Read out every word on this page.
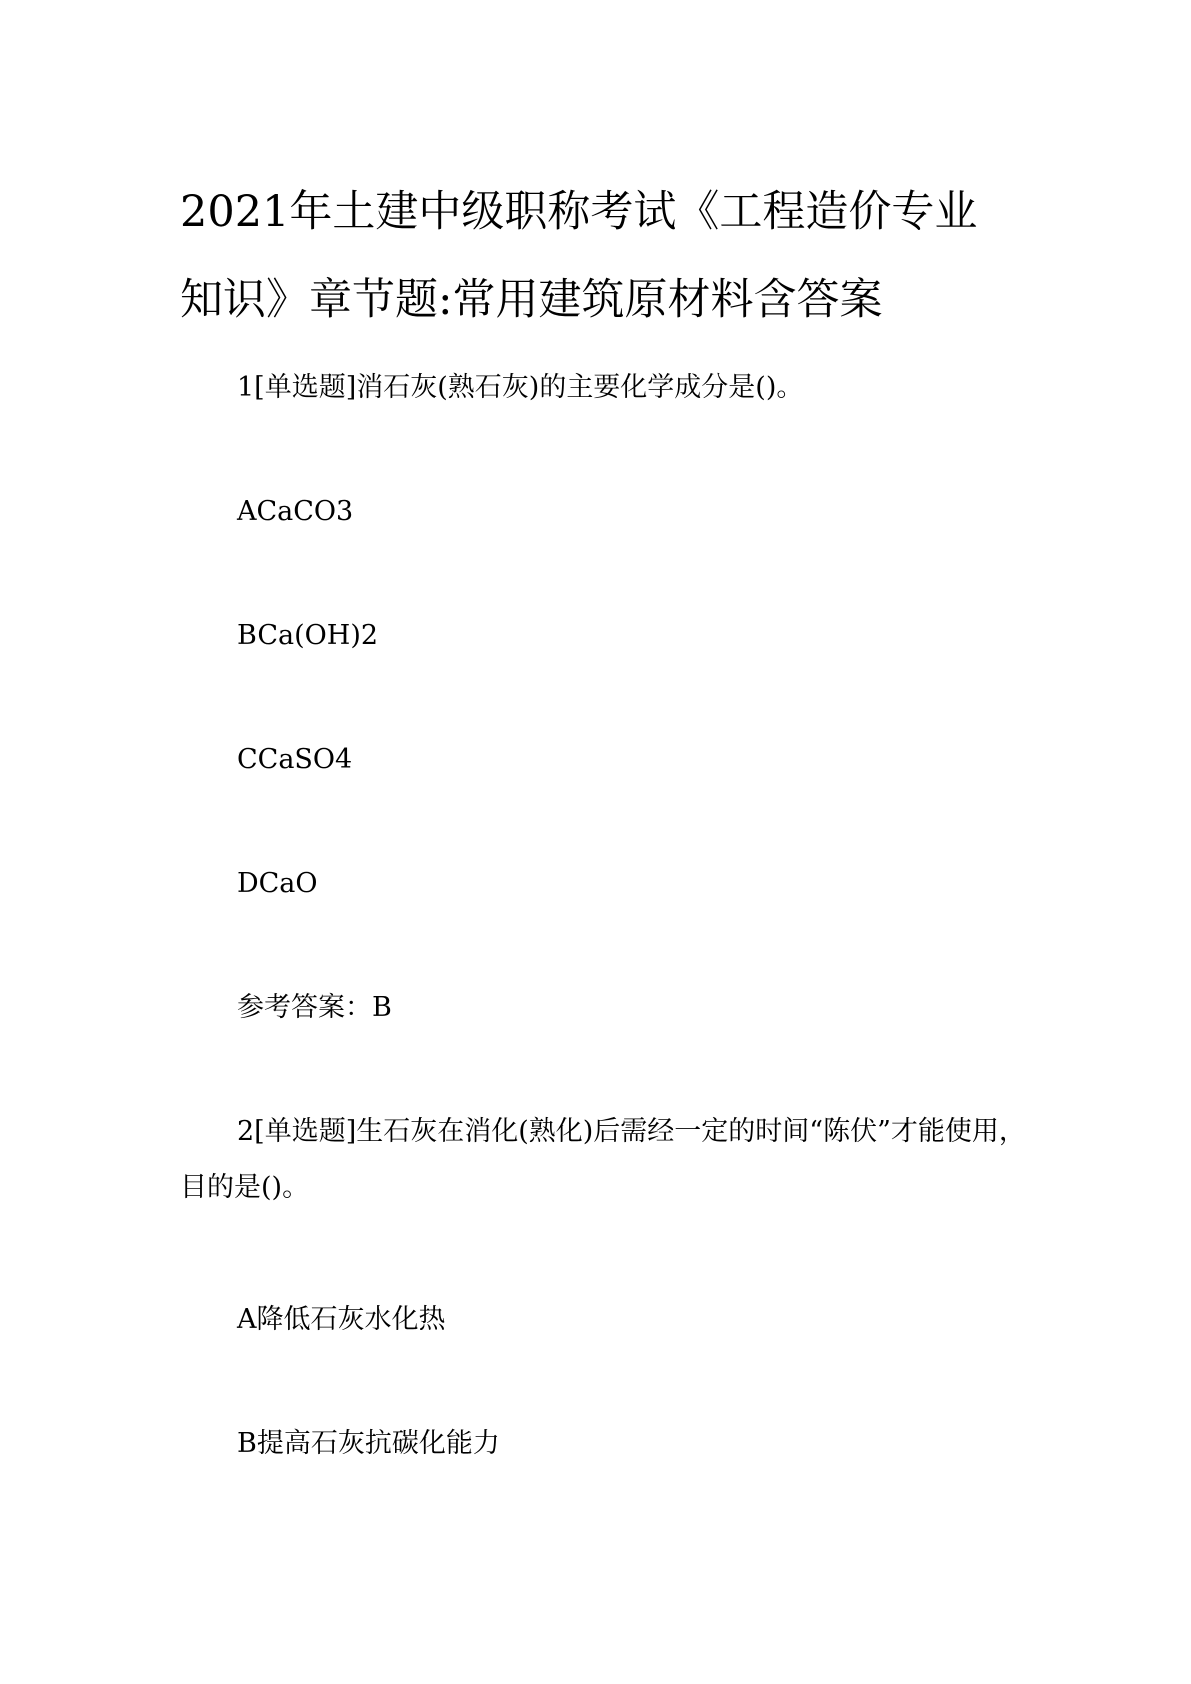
2021年土建中级职称考试《工程造价专业知识》章节题:常用建筑原材料含答案

1[单选题]消石灰(熟石灰)的主要化学成分是()。

ACaCO3

BCa(OH)2

CCaSO4

DCaO

参考答案：B

2[单选题]生石灰在消化(熟化)后需经一定的时间“陈伏”才能使用，目的是()。

A降低石灰水化热

B提高石灰抗碳化能力
